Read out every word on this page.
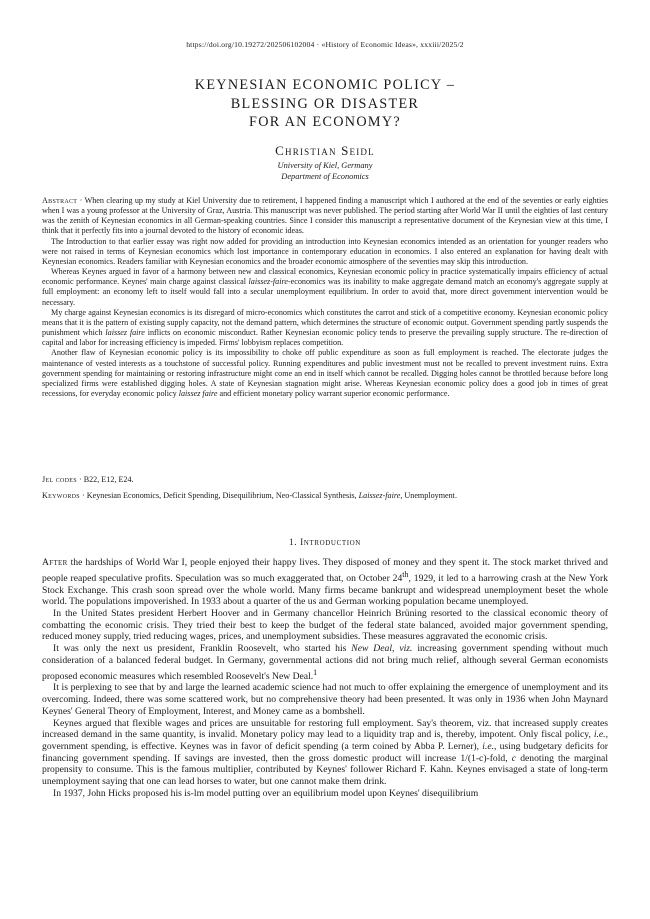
https://doi.org/10.19272/202506102004 · «History of Economic Ideas», xxxiii/2025/2
KEYNESIAN ECONOMIC POLICY –
BLESSING OR DISASTER
FOR AN ECONOMY?
Christian Seidl
University of Kiel, Germany
Department of Economics

Abstract · When clearing up my study at Kiel University due to retirement, I happened finding a manuscript which I authored at the end of the seventies or early eighties when I was a young professor at the University of Graz, Austria. This manuscript was never published. The period starting after World War II until the eighties of last century was the zenith of Keynesian economics in all German-speaking countries. Since I consider this manuscript a representative document of the Keynesian view at this time, I think that it perfectly fits into a journal devoted to the history of economic ideas.

The Introduction to that earlier essay was right now added for providing an introduction into Keynesian economics intended as an orientation for younger readers who were not raised in terms of Keynesian economics which lost importance in contemporary education in economics. I also entered an explanation for having dealt with Keynesian economics. Readers familiar with Keynesian economics and the broader economic atmosphere of the seventies may skip this introduction.

Whereas Keynes argued in favor of a harmony between new and classical economics, Keynesian economic policy in practice systematically impairs efficiency of actual economic performance. Keynes' main charge against classical laissez-faire-economics was its inability to make aggregate demand match an economy's aggregate supply at full employment: an economy left to itself would fall into a secular unemployment equilibrium. In order to avoid that, more direct government intervention would be necessary.

My charge against Keynesian economics is its disregard of micro-economics which constitutes the carrot and stick of a competitive economy. Keynesian economic policy means that it is the pattern of existing supply capacity, not the demand pattern, which determines the structure of economic output. Government spending partly suspends the punishment which laissez faire inflicts on economic misconduct. Rather Keynesian economic policy tends to preserve the prevailing supply structure. The re-direction of capital and labor for increasing efficiency is impeded. Firms' lobbyism replaces competition.

Another flaw of Keynesian economic policy is its impossibility to choke off public expenditure as soon as full employment is reached. The electorate judges the maintenance of vested interests as a touchstone of successful policy. Running expenditures and public investment must not be recalled to prevent investment ruins. Extra government spending for maintaining or restoring infrastructure might come an end in itself which cannot be recalled. Digging holes cannot be throttled because before long specialized firms were established digging holes. A state of Keynesian stagnation might arise. Whereas Keynesian economic policy does a good job in times of great recessions, for everyday economic policy laissez faire and efficient monetary policy warrant superior economic performance.

Jel codes · B22, E12, E24.
Keywords · Keynesian Economics, Deficit Spending, Disequilibrium, Neo-Classical Synthesis, Laissez-faire, Unemployment.
1. Introduction

After the hardships of World War I, people enjoyed their happy lives. They disposed of money and they spent it. The stock market thrived and people reaped speculative profits. Speculation was so much exaggerated that, on October 24th, 1929, it led to a harrowing crash at the New York Stock Exchange. This crash soon spread over the whole world. Many firms became bankrupt and widespread unemployment beset the whole world. The populations impoverished. In 1933 about a quarter of the us and German working population became unemployed.

In the United States president Herbert Hoover and in Germany chancellor Heinrich Brüning resorted to the classical economic theory of combatting the economic crisis. They tried their best to keep the budget of the federal state balanced, avoided major government spending, reduced money supply, tried reducing wages, prices, and unemployment subsidies. These measures aggravated the economic crisis.

It was only the next us president, Franklin Roosevelt, who started his New Deal, viz. increasing government spending without much consideration of a balanced federal budget. In Germany, governmental actions did not bring much relief, although several German economists proposed economic measures which resembled Roosevelt's New Deal.$^1$

It is perplexing to see that by and large the learned academic science had not much to offer explaining the emergence of unemployment and its overcoming. Indeed, there was some scattered work, but no comprehensive theory had been presented. It was only in 1936 when John Maynard Keynes' General Theory of Employment, Interest, and Money came as a bombshell.

Keynes argued that flexible wages and prices are unsuitable for restoring full employment. Say's theorem, viz. that increased supply creates increased demand in the same quantity, is invalid. Monetary policy may lead to a liquidity trap and is, thereby, impotent. Only fiscal policy, i.e., government spending, is effective. Keynes was in favor of deficit spending (a term coined by Abba P. Lerner), i.e., using budgetary deficits for financing government spending. If savings are invested, then the gross domestic product will increase 1/(1-c)-fold, c denoting the marginal propensity to consume. This is the famous multiplier, contributed by Keynes' follower Richard F. Kahn. Keynes envisaged a state of long-term unemployment saying that one can lead horses to water, but one cannot make them drink.

In 1937, John Hicks proposed his is-lm model putting over an equilibrium model upon Keynes' disequilibrium
